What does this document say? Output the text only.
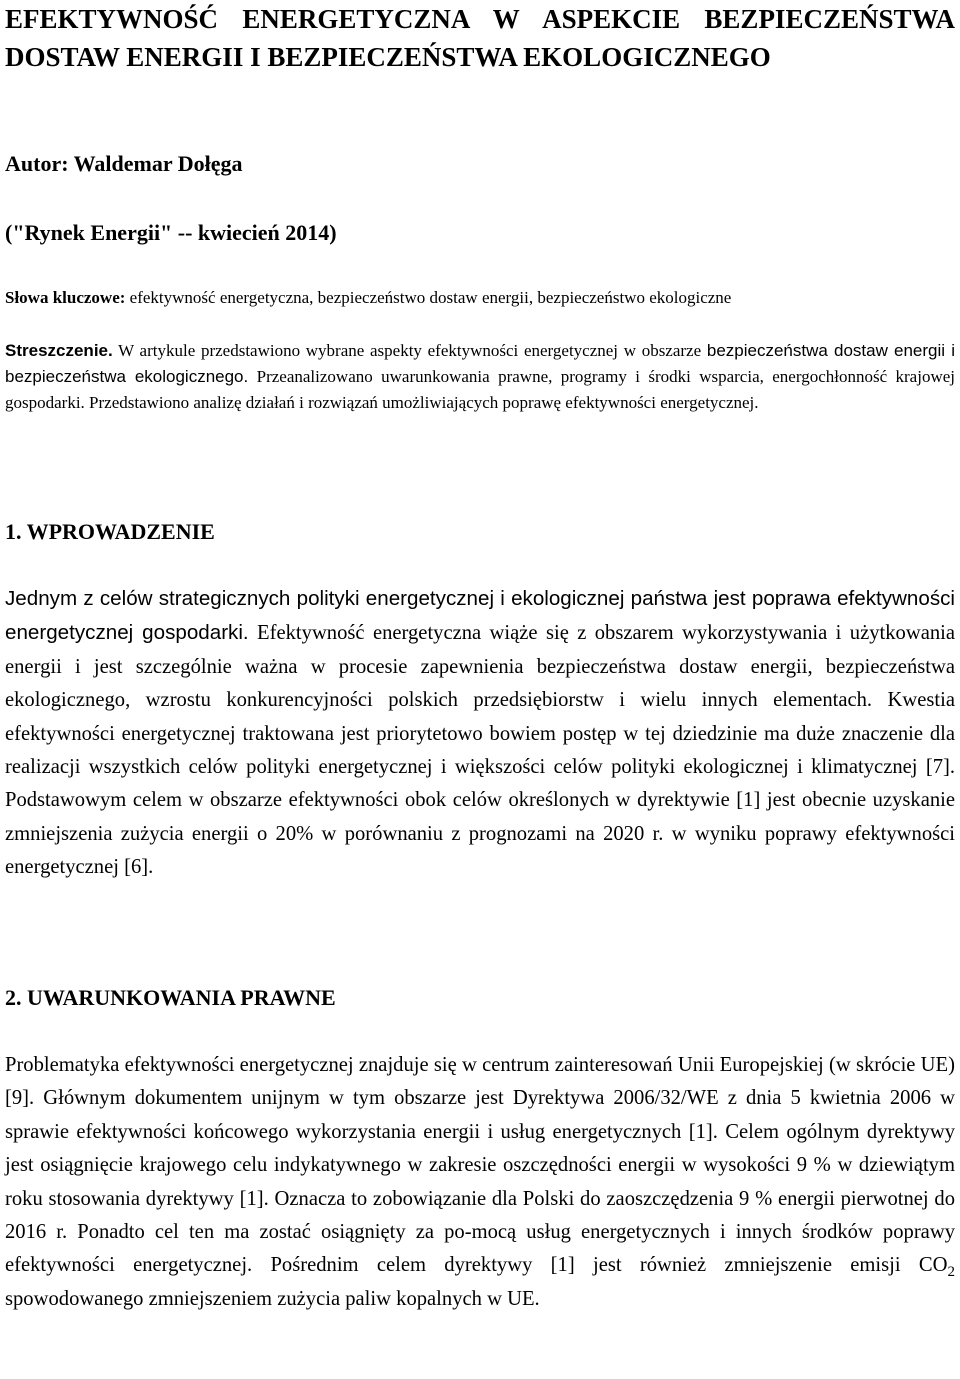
EFEKTYWNOŚĆ ENERGETYCZNA W ASPEKCIE BEZPIECZEŃSTWA DOSTAW ENERGII I BEZPIECZEŃSTWA EKOLOGICZNEGO

Autor: Waldemar Dołęga

("Rynek Energii" -- kwiecień 2014)

Słowa kluczowe: efektywność energetyczna, bezpieczeństwo dostaw energii, bezpieczeństwo ekologiczne

Streszczenie. W artykule przedstawiono wybrane aspekty efektywności energetycznej w obszarze bezpieczeństwa dostaw energii i bezpieczeństwa ekologicznego. Przeanalizowano uwarunkowania prawne, programy i środki wsparcia, energochłonność krajowej gospodarki. Przedstawiono analizę działań i rozwiązań umożliwiających poprawę efektywności energetycznej.

1. WPROWADZENIE

Jednym z celów strategicznych polityki energetycznej i ekologicznej państwa jest poprawa efektywności energetycznej gospodarki. Efektywność energetyczna wiąże się z obszarem wykorzystywania i użytkowania energii i jest szczególnie ważna w procesie zapewnienia bezpieczeństwa dostaw energii, bezpieczeństwa ekologicznego, wzrostu konkurencyjności polskich przedsiębiorstw i wielu innych elementach. Kwestia efektywności energetycznej traktowana jest priorytetowo bowiem postęp w tej dziedzinie ma duże znaczenie dla realizacji wszystkich celów polityki energetycznej i większości celów polityki ekologicznej i klimatycznej [7]. Podstawowym celem w obszarze efektywności obok celów określonych w dyrektywie [1] jest obecnie uzyskanie zmniejszenia zużycia energii o 20% w porównaniu z prognozami na 2020 r. w wyniku poprawy efektywności energetycznej [6].

2. UWARUNKOWANIA PRAWNE

Problematyka efektywności energetycznej znajduje się w centrum zainteresowań Unii Europejskiej (w skrócie UE) [9]. Głównym dokumentem unijnym w tym obszarze jest Dyrektywa 2006/32/WE z dnia 5 kwietnia 2006 w sprawie efektywności końcowego wykorzystania energii i usług energetycznych [1]. Celem ogólnym dyrektywy jest osiągnięcie krajowego celu indykatywnego w zakresie oszczędności energii w wysokości 9 % w dziewiątym roku stosowania dyrektywy [1]. Oznacza to zobowiązanie dla Polski do zaoszczędzenia 9 % energii pierwotnej do 2016 r. Ponadto cel ten ma zostać osiągnięty za po-mocą usług energetycznych i innych środków poprawy efektywności energetycznej. Pośrednim celem dyrektywy [1] jest również zmniejszenie emisji $CO_2$ spowodowanego zmniejszeniem zużycia paliw kopalnych w UE.
